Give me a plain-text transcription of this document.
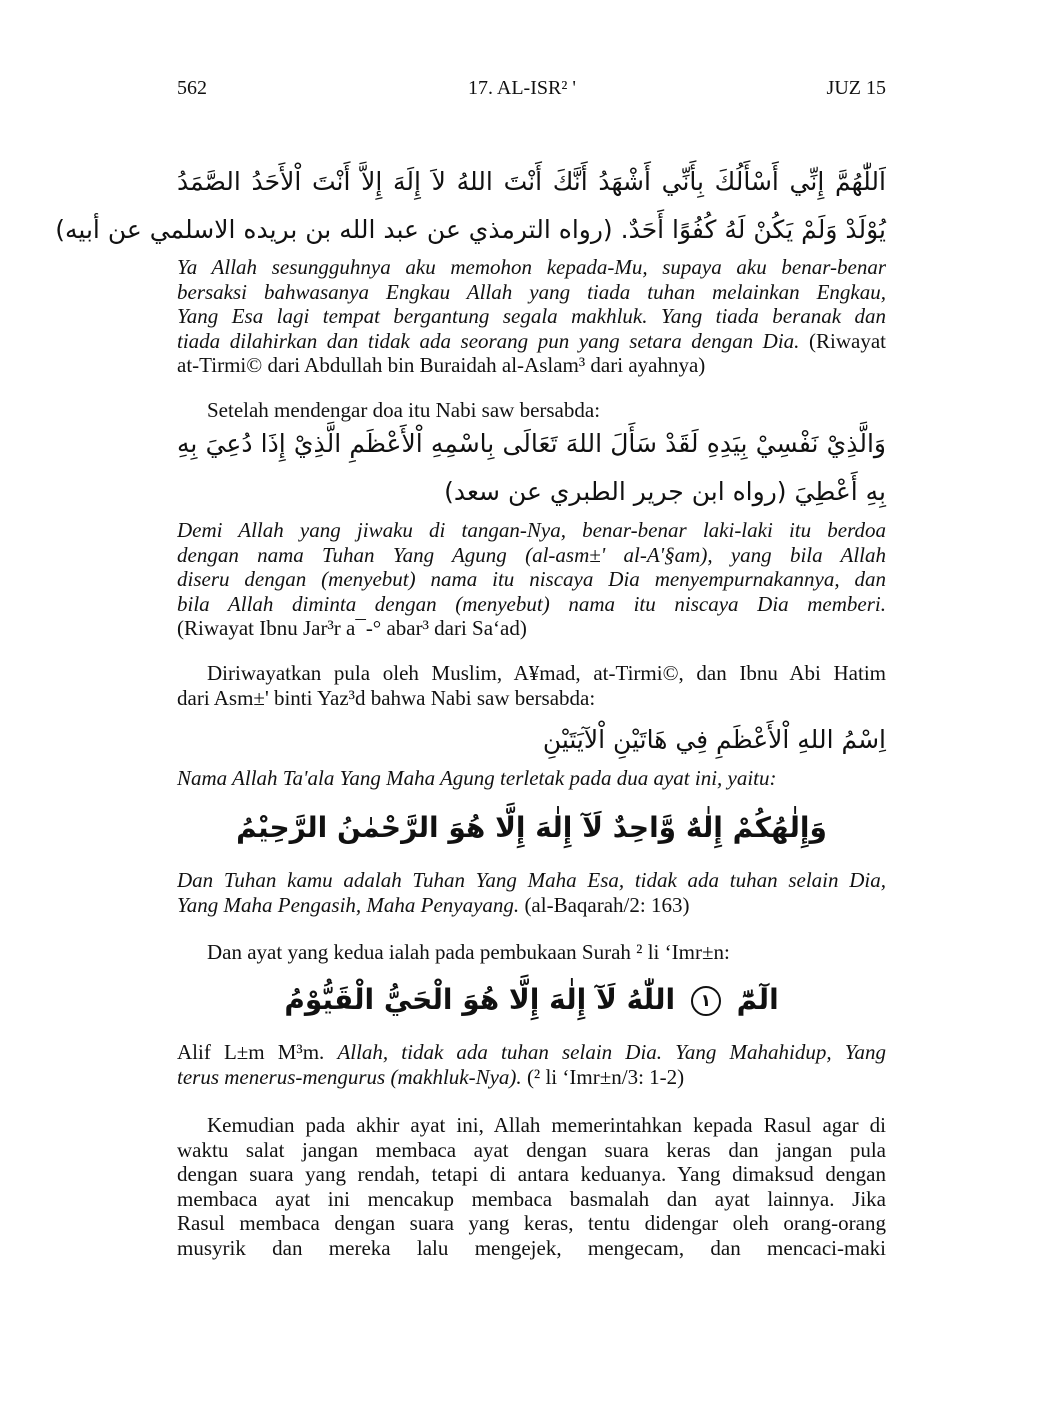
562	17. AL-ISR² '	JUZ 15
اَللّٰهُمَّ إِنِّي أَسْأَلُكَ بِأَنِّي أَشْهَدُ أَنَّكَ أَنْتَ اللهُ لاَ إِلَهَ إِلاَّ أَنْتَ اْلأَحَدُ الصَّمَدُ
يُوْلَدْ وَلَمْ يَكُنْ لَهُ كُفُوًا أَحَدٌ. (رواه الترمذي عن عبد الله بن بريده الاسلمي عن أبيه)
Ya Allah sesungguhnya aku memohon kepada-Mu, supaya aku benar-benar
bersaksi bahwasanya Engkau Allah yang tiada tuhan melainkan Engkau,
Yang Esa lagi tempat bergantung segala makhluk. Yang tiada beranak dan
tiada dilahirkan dan tidak ada seorang pun yang setara dengan Dia. (Riwayat
at-Tirmi© dari Abdullah bin Buraidah al-Aslam³ dari ayahnya)
Setelah mendengar doa itu Nabi saw bersabda:
وَالَّذِيْ نَفْسِيْ بِيَدِهِ لَقَدْ سَأَلَ اللهَ تَعَالَى بِاسْمِهِ اْلأَعْظَمِ الَّذِيْ إِذَا دُعِيَ بِهِ
بِهِ أَعْطِيَ (رواه ابن جرير الطبري عن سعد)
Demi Allah yang jiwaku di tangan-Nya, benar-benar laki-laki itu berdoa
dengan nama Tuhan Yang Agung (al-asm±' al-A'§am), yang bila Allah
diseru dengan (menyebut) nama itu niscaya Dia menyempurnakannya, dan
bila Allah diminta dengan (menyebut) nama itu niscaya Dia memberi.
(Riwayat Ibnu Jar³r a¯-° abar³ dari Sa‘ad)
Diriwayatkan pula oleh Muslim, A¥mad, at-Tirmi©, dan Ibnu Abi Hatim
dari Asm±' binti Yaz³d bahwa Nabi saw bersabda:
اِسْمُ اللهِ اْلأَعْظَمِ فِي هَاتَيْنِ اْلآيَتَيْنِ
Nama Allah Ta'ala Yang Maha Agung terletak pada dua ayat ini, yaitu:
وَإِلٰهُكُمْ إِلٰهٌ وَّاحِدٌ لَآ إِلٰهَ إِلَّا هُوَ الرَّحْمٰنُ الرَّحِيْمُ
Dan Tuhan kamu adalah Tuhan Yang Maha Esa, tidak ada tuhan selain Dia,
Yang Maha Pengasih, Maha Penyayang. (al-Baqarah/2: 163)
Dan ayat yang kedua ialah pada pembukaan Surah ² li ‘Imr±n:
الٓمّٓ ١ اللّٰهُ لَآ إِلٰهَ إِلَّا هُوَ الْحَيُّ الْقَيُّوْمُ
Alif L±m M³m. Allah, tidak ada tuhan selain Dia. Yang Mahahidup, Yang
terus menerus-mengurus (makhluk-Nya). (² li ‘Imr±n/3: 1-2)
Kemudian pada akhir ayat ini, Allah memerintahkan kepada Rasul agar di
waktu salat jangan membaca ayat dengan suara keras dan jangan pula
dengan suara yang rendah, tetapi di antara keduanya. Yang dimaksud dengan
membaca ayat ini mencakup membaca basmalah dan ayat lainnya. Jika
Rasul membaca dengan suara yang keras, tentu didengar oleh orang-orang
musyrik dan mereka lalu mengejek, mengecam, dan mencaci-maki
